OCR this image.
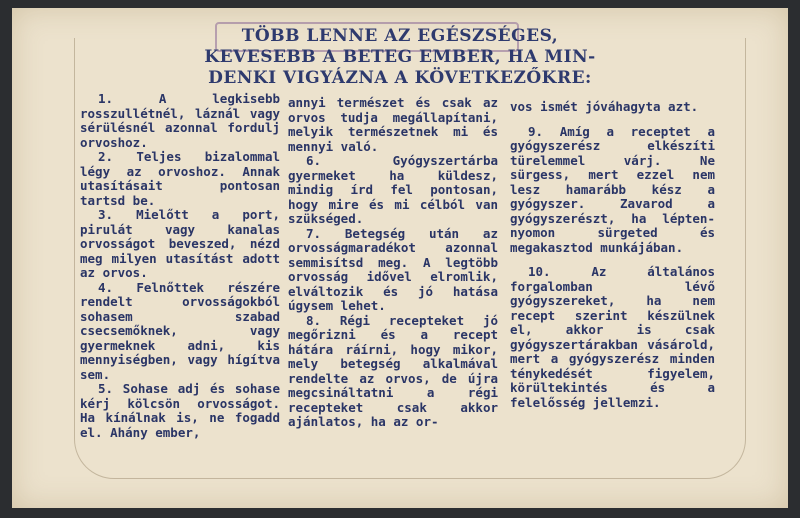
TÖBB LENNE AZ EGÉSZSÉGES,
KEVESEBB A BETEG EMBER, HA MIN-
DENKI VIGYÁZNA A KÖVETKEZŐKRE:

1. A legkisebb rosszullétnél, láznál vagy sérülésnél azonnal fordulj orvoshoz.

2. Teljes bizalommal légy az orvoshoz. Annak utasításait pontosan tartsd be.

3. Mielőtt a port, pirulát vagy kanalas orvosságot beveszed, nézd meg milyen utasítást adott az orvos.

4. Felnőttek részére rendelt orvosságokból sohasem szabad csecsemőknek, vagy gyermeknek adni, kis mennyiségben, vagy hígítva sem.

5. Sohase adj és sohase kérj kölcsön orvosságot. Ha kínálnak is, ne fogadd el. Ahány ember,

annyi természet és csak az orvos tudja megállapítani, melyik természetnek mi és mennyi való.

6. Gyógyszertárba gyermeket ha küldesz, mindig írd fel pontosan, hogy mire és mi célból van szükséged.

7. Betegség után az orvosságmaradékot azonnal semmisítsd meg. A legtöbb orvosság idővel elromlik, elváltozik és jó hatása úgysem lehet.

8. Régi recepteket jó megőrizni és a recept hátára ráírni, hogy mikor, mely betegség alkalmával rendelte az orvos, de újra megcsináltatni a régi recepteket csak akkor ajánlatos, ha az or-

vos ismét jóváhagyta azt.

9. Amíg a receptet a gyógyszerész elkészíti türelemmel várj. Ne sürgess, mert ezzel nem lesz hamarább kész a gyógyszer. Zavarod a gyógyszerészt, ha lépten-nyomon sürgeted és megakasztod munkájában.

10. Az általános forgalomban lévő gyógyszereket, ha nem recept szerint készülnek el, akkor is csak gyógyszertárakban vásárold, mert a gyógyszerész minden ténykedését figyelem, körültekintés és a felelősség jellemzi.
